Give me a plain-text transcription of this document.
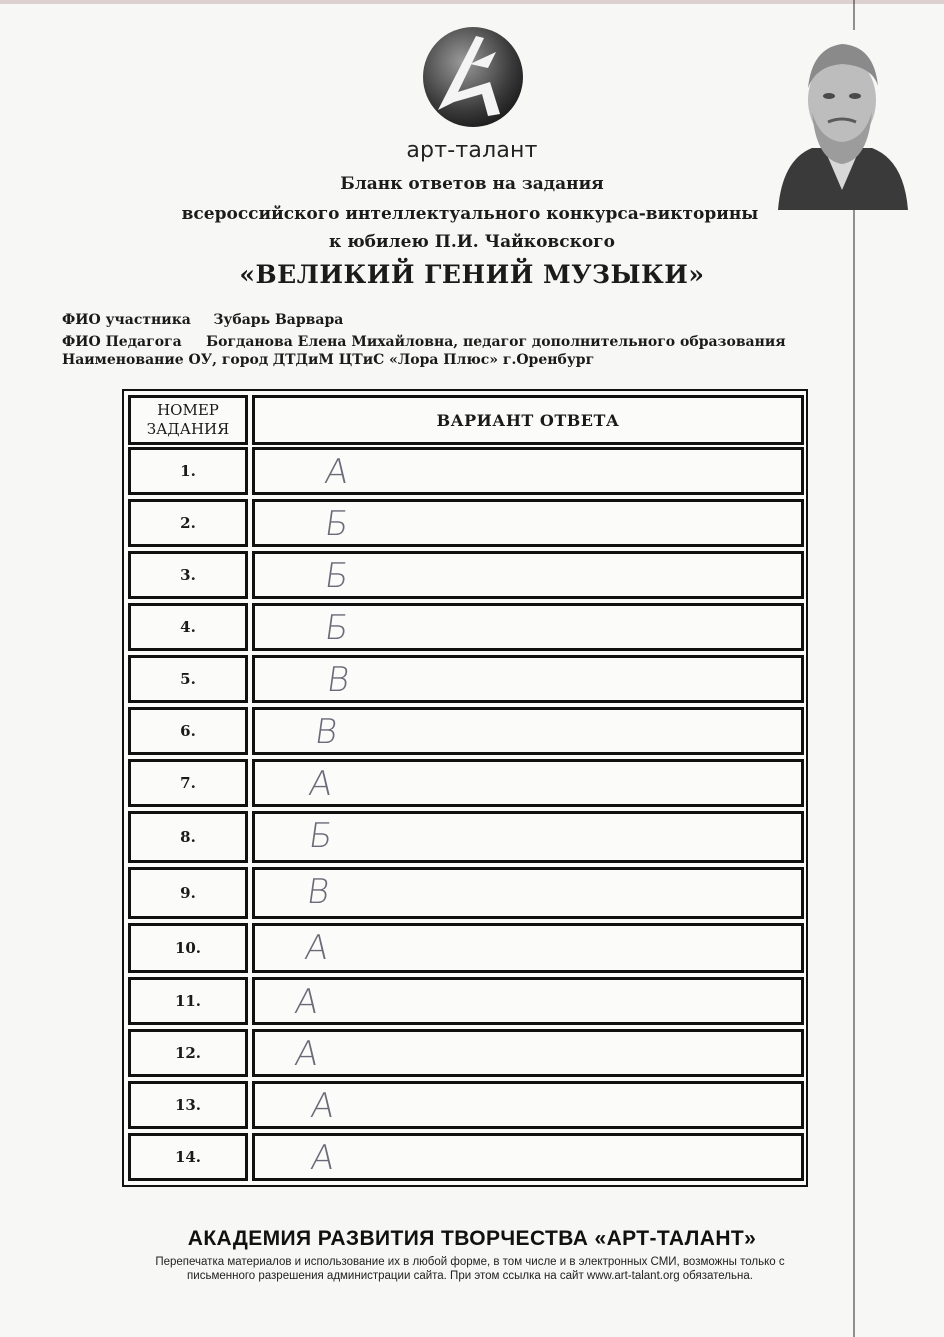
арт-талант
Бланк ответов на задания
всероссийского интеллектуального конкурса-викторины
к юбилею П.И. Чайковского
«ВЕЛИКИЙ ГЕНИЙ МУЗЫКИ»
ФИО участника Зубарь Варвара
ФИО Педагога Богданова Елена Михайловна, педагог дополнительного образования
Наименование ОУ, город ДТДиМ ЦТиС «Лора Плюс» г.Оренбург
НОМЕР
ЗАДАНИЯ	ВАРИАНТ ОТВЕТА
1.	А
2.	Б
3.	Б
4.	Б
5.	В
6.	В
7.	А
8.	Б
9.	В
10.	А
11.	А
12.	А
13.	А
14.	А
АКАДЕМИЯ РАЗВИТИЯ ТВОРЧЕСТВА «АРТ-ТАЛАНТ»
Перепечатка материалов и использование их в любой форме, в том числе и в электронных СМИ, возможны только с
письменного разрешения администрации сайта. При этом ссылка на сайт www.art-talant.org обязательна.
